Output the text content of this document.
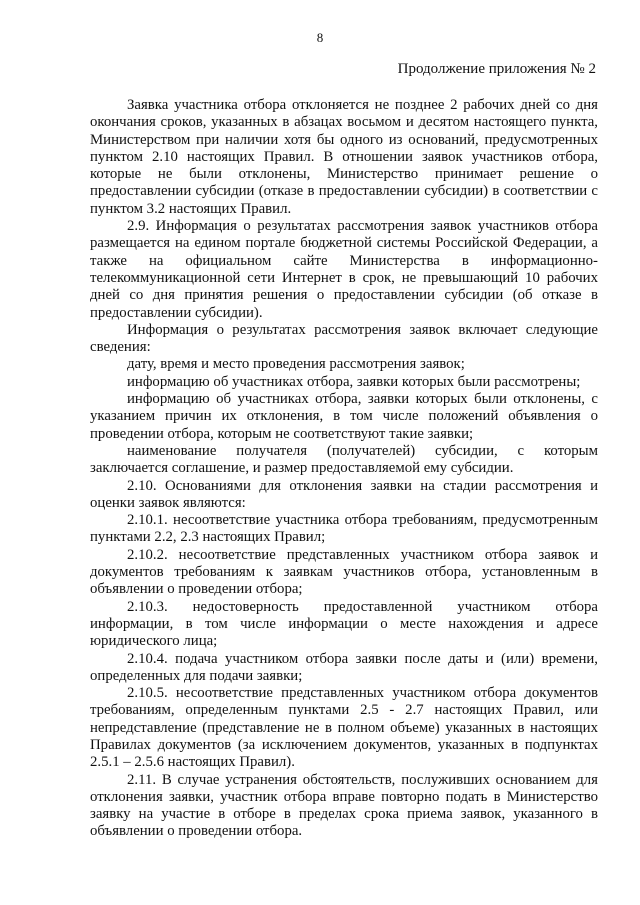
8
Продолжение приложения № 2

Заявка участника отбора отклоняется не позднее 2 рабочих дней со дня окончания сроков, указанных в абзацах восьмом и десятом настоящего пункта, Министерством при наличии хотя бы одного из оснований, предусмотренных пунктом 2.10 настоящих Правил. В отношении заявок участников отбора, которые не были отклонены, Министерство принимает решение о предоставлении субсидии (отказе в предоставлении субсидии) в соответствии с пунктом 3.2 настоящих Правил.

2.9. Информация о результатах рассмотрения заявок участников отбора размещается на едином портале бюджетной системы Российской Федерации, а также на официальном сайте Министерства в информационно-телекоммуникационной сети Интернет в срок, не превышающий 10 рабочих дней со дня принятия решения о предоставлении субсидии (об отказе в предоставлении субсидии).

Информация о результатах рассмотрения заявок включает следующие сведения:

дату, время и место проведения рассмотрения заявок;

информацию об участниках отбора, заявки которых были рассмотрены;

информацию об участниках отбора, заявки которых были отклонены, с указанием причин их отклонения, в том числе положений объявления о проведении отбора, которым не соответствуют такие заявки;

наименование получателя (получателей) субсидии, с которым заключается соглашение, и размер предоставляемой ему субсидии.

2.10. Основаниями для отклонения заявки на стадии рассмотрения и оценки заявок являются:

2.10.1. несоответствие участника отбора требованиям, предусмотренным пунктами 2.2, 2.3 настоящих Правил;

2.10.2. несоответствие представленных участником отбора заявок и документов требованиям к заявкам участников отбора, установленным в объявлении о проведении отбора;

2.10.3. недостоверность предоставленной участником отбора информации, в том числе информации о месте нахождения и адресе юридического лица;

2.10.4. подача участником отбора заявки после даты и (или) времени, определенных для подачи заявки;

2.10.5. несоответствие представленных участником отбора документов требованиям, определенным пунктами 2.5 - 2.7 настоящих Правил, или непредставление (представление не в полном объеме) указанных в настоящих Правилах документов (за исключением документов, указанных в подпунктах 2.5.1 – 2.5.6 настоящих Правил).

2.11. В случае устранения обстоятельств, послуживших основанием для отклонения заявки, участник отбора вправе повторно подать в Министерство заявку на участие в отборе в пределах срока приема заявок, указанного в объявлении о проведении отбора.
